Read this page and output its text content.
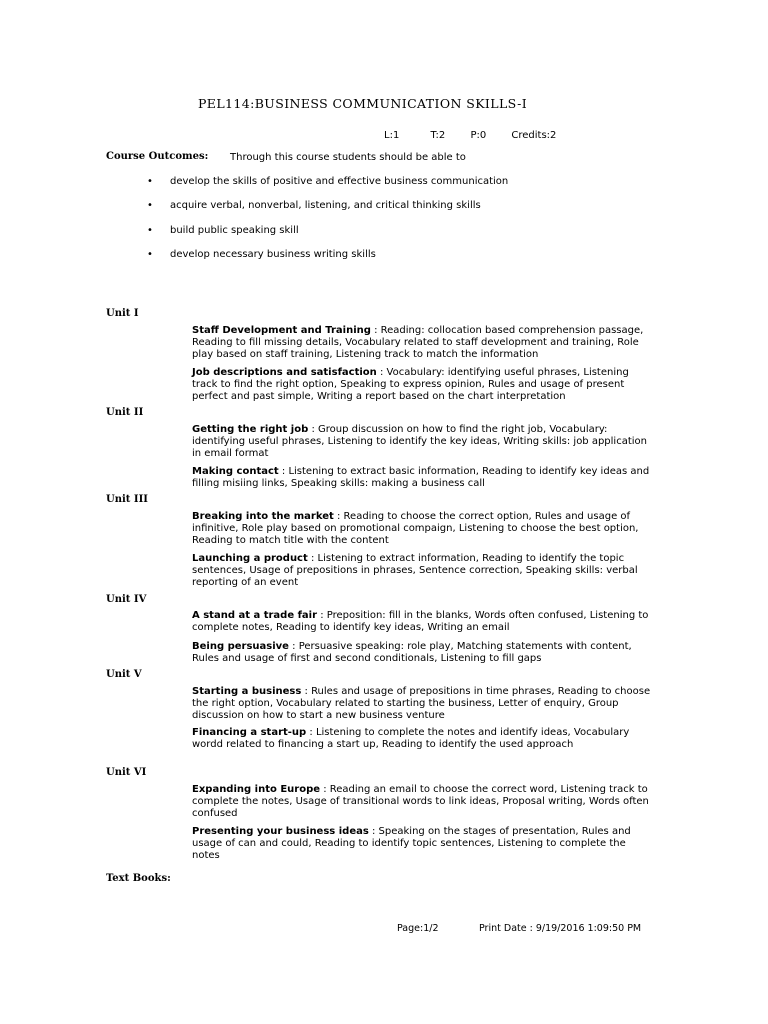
PEL114:BUSINESS COMMUNICATION SKILLS-I
L:1	T:2	P:0	Credits:2
Course Outcomes: Through this course students should be able to
• develop the skills of positive and effective business communication
• acquire verbal, nonverbal, listening, and critical thinking skills
• build public speaking skill
• develop necessary business writing skills
Unit I
Staff Development and Training : Reading: collocation based comprehension passage, Reading to fill missing details, Vocabulary related to staff development and training, Role play based on staff training, Listening track to match the information
Job descriptions and satisfaction : Vocabulary: identifying useful phrases, Listening track to find the right option, Speaking to express opinion, Rules and usage of present perfect and past simple, Writing a report based on the chart interpretation
Unit II
Getting the right job : Group discussion on how to find the right job, Vocabulary: identifying useful phrases, Listening to identify the key ideas, Writing skills: job application in email format
Making contact : Listening to extract basic information, Reading to identify key ideas and filling misiing links, Speaking skills: making a business call
Unit III
Breaking into the market : Reading to choose the correct option, Rules and usage of infinitive, Role play based on promotional compaign, Listening to choose the best option, Reading to match title with the content
Launching a product : Listening to extract information, Reading to identify the topic sentences, Usage of prepositions in phrases, Sentence correction, Speaking skills: verbal reporting of an event
Unit IV
A stand at a trade fair : Preposition: fill in the blanks, Words often confused, Listening to complete notes, Reading to identify key ideas, Writing an email
Being persuasive : Persuasive speaking: role play, Matching statements with content, Rules and usage of first and second conditionals, Listening to fill gaps
Unit V
Starting a business : Rules and usage of prepositions in time phrases, Reading to choose the right option, Vocabulary related to starting the business, Letter of enquiry, Group discussion on how to start a new business venture
Financing a start-up : Listening to complete the notes and identify ideas, Vocabulary wordd related to financing a start up, Reading to identify the used approach
Unit VI
Expanding into Europe : Reading an email to choose the correct word, Listening track to complete the notes, Usage of transitional words to link ideas, Proposal writing, Words often confused
Presenting your business ideas : Speaking on the stages of presentation, Rules and usage of can and could, Reading to identify topic sentences, Listening to complete the notes
Text Books:
Page:1/2	Print Date : 9/19/2016 1:09:50 PM
